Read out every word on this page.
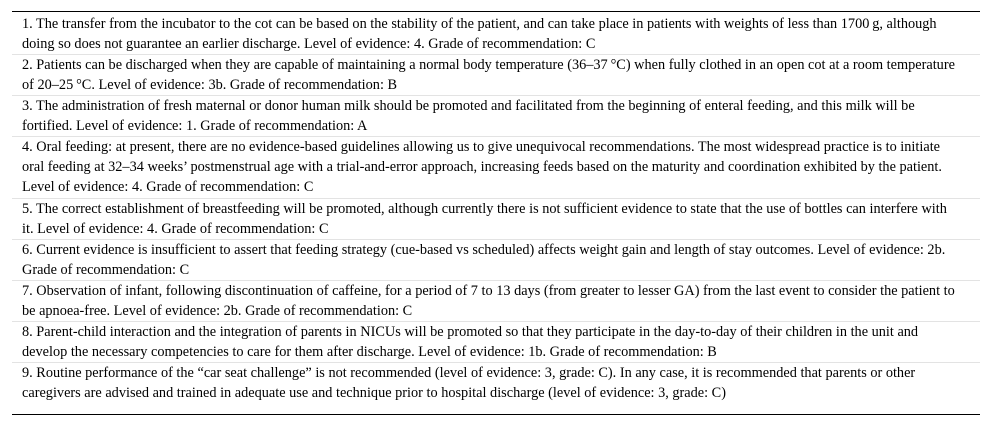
1. The transfer from the incubator to the cot can be based on the stability of the patient, and can take place in patients with weights of less than 1700 g, although doing so does not guarantee an earlier discharge. Level of evidence: 4. Grade of recommendation: C
2. Patients can be discharged when they are capable of maintaining a normal body temperature (36–37 °C) when fully clothed in an open cot at a room temperature of 20–25 °C. Level of evidence: 3b. Grade of recommendation: B
3. The administration of fresh maternal or donor human milk should be promoted and facilitated from the beginning of enteral feeding, and this milk will be fortified. Level of evidence: 1. Grade of recommendation: A
4. Oral feeding: at present, there are no evidence-based guidelines allowing us to give unequivocal recommendations. The most widespread practice is to initiate oral feeding at 32–34 weeks’ postmenstrual age with a trial-and-error approach, increasing feeds based on the maturity and coordination exhibited by the patient. Level of evidence: 4. Grade of recommendation: C
5. The correct establishment of breastfeeding will be promoted, although currently there is not sufficient evidence to state that the use of bottles can interfere with it. Level of evidence: 4. Grade of recommendation: C
6. Current evidence is insufficient to assert that feeding strategy (cue-based vs scheduled) affects weight gain and length of stay outcomes. Level of evidence: 2b. Grade of recommendation: C
7. Observation of infant, following discontinuation of caffeine, for a period of 7 to 13 days (from greater to lesser GA) from the last event to consider the patient to be apnoea-free. Level of evidence: 2b. Grade of recommendation: C
8. Parent-child interaction and the integration of parents in NICUs will be promoted so that they participate in the day-to-day of their children in the unit and develop the necessary competencies to care for them after discharge. Level of evidence: 1b. Grade of recommendation: B
9. Routine performance of the “car seat challenge” is not recommended (level of evidence: 3, grade: C). In any case, it is recommended that parents or other caregivers are advised and trained in adequate use and technique prior to hospital discharge (level of evidence: 3, grade: C)
